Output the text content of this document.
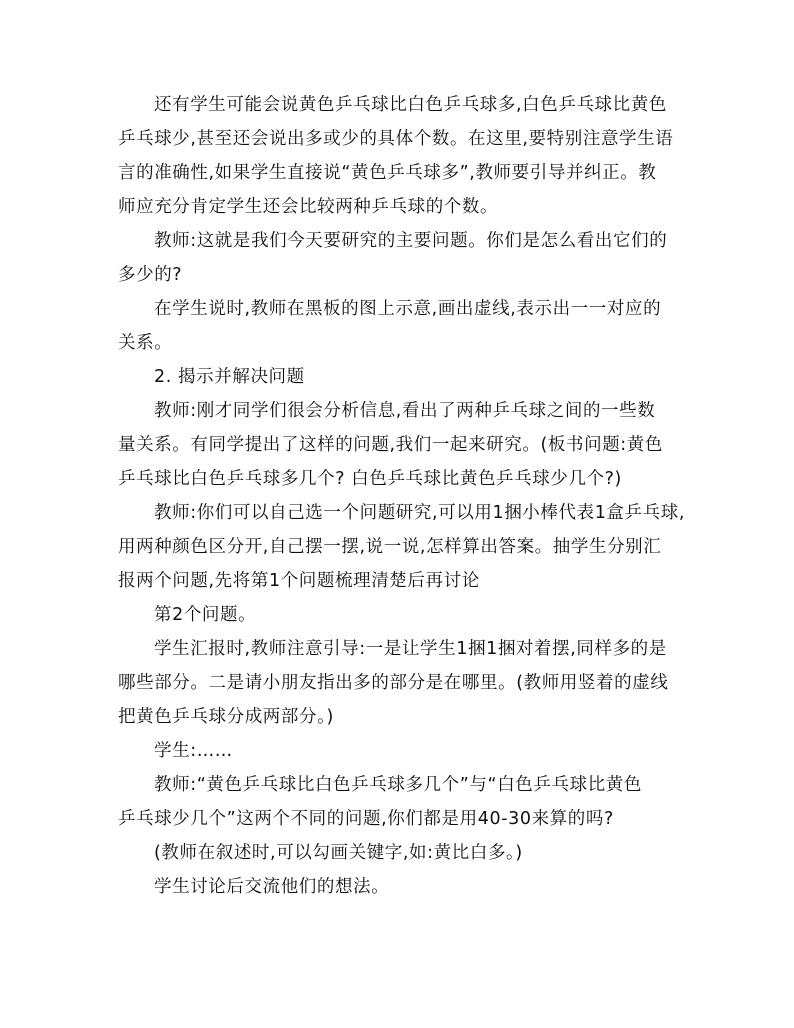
还有学生可能会说黄色乒乓球比白色乒乓球多,白色乒乓球比黄色
乒乓球少,甚至还会说出多或少的具体个数。在这里,要特别注意学生语
言的准确性,如果学生直接说“黄色乒乓球多”,教师要引导并纠正。教
师应充分肯定学生还会比较两种乒乓球的个数。

教师:这就是我们今天要研究的主要问题。你们是怎么看出它们的
多少的?

在学生说时,教师在黑板的图上示意,画出虚线,表示出一一对应的
关系。

2. 揭示并解决问题

教师:刚才同学们很会分析信息,看出了两种乒乓球之间的一些数
量关系。有同学提出了这样的问题,我们一起来研究。(板书问题:黄色
乒乓球比白色乒乓球多几个? 白色乒乓球比黄色乒乓球少几个?)

教师:你们可以自己选一个问题研究,可以用1捆小棒代表1盒乒乓球,
用两种颜色区分开,自己摆一摆,说一说,怎样算出答案。抽学生分别汇
报两个问题,先将第1个问题梳理清楚后再讨论

第2个问题。

学生汇报时,教师注意引导:一是让学生1捆1捆对着摆,同样多的是
哪些部分。二是请小朋友指出多的部分是在哪里。(教师用竖着的虚线
把黄色乒乓球分成两部分。)

学生:……

教师:“黄色乒乓球比白色乒乓球多几个”与“白色乒乓球比黄色
乒乓球少几个”这两个不同的问题,你们都是用40-30来算的吗?

(教师在叙述时,可以勾画关键字,如:黄比白多。)

学生讨论后交流他们的想法。
